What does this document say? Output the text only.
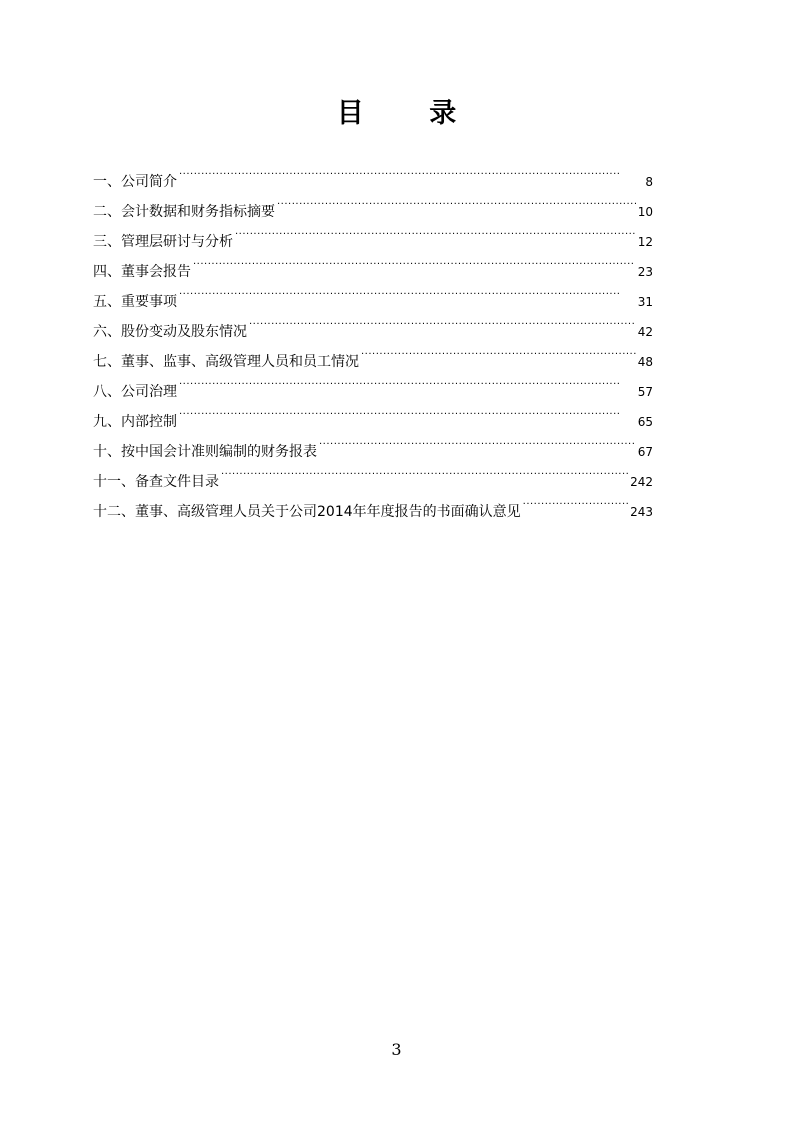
目 录
一、公司简介 ·····	8
二、会计数据和财务指标摘要 ·····	10
三、管理层研讨与分析 ·····	12
四、董事会报告 ·····	23
五、重要事项 ·····	31
六、股份变动及股东情况 ·····	42
七、董事、监事、高级管理人员和员工情况 ·····	48
八、公司治理 ·····	57
九、内部控制 ·····	65
十、按中国会计准则编制的财务报表 ·····	67
十一、备查文件目录 ·····	242
十二、董事、高级管理人员关于公司2014年年度报告的书面确认意见 ·····	243
3
